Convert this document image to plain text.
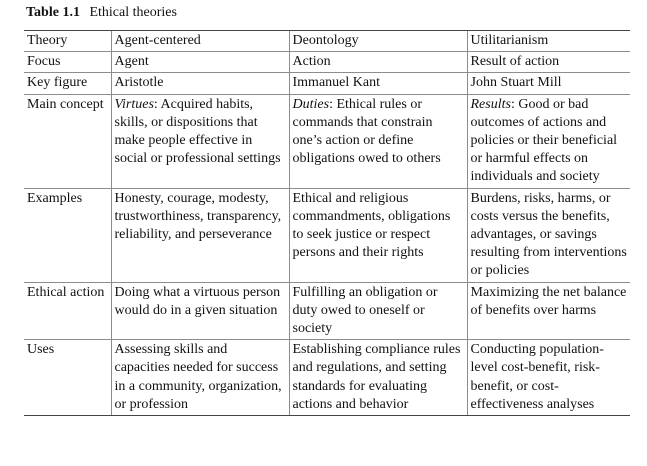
Table 1.1 Ethical theories
Theory	Agent-centered	Deontology	Utilitarianism
Focus	Agent	Action	Result of action
Key figure	Aristotle	Immanuel Kant	John Stuart Mill
Main concept	Virtues: Acquired habits, skills, or dispositions that make people effective in social or professional settings	Duties: Ethical rules or commands that constrain one’s action or define obligations owed to others	Results: Good or bad outcomes of actions and policies or their beneficial or harmful effects on individuals and society
Examples	Honesty, courage, modesty, trustworthiness, transparency, reliability, and perseverance	Ethical and religious commandments, obligations to seek justice or respect persons and their rights	Burdens, risks, harms, or costs versus the benefits, advantages, or savings resulting from interventions or policies
Ethical action	Doing what a virtuous person would do in a given situation	Fulfilling an obligation or duty owed to oneself or society	Maximizing the net balance of benefits over harms
Uses	Assessing skills and capacities needed for success in a community, organization, or profession	Establishing compliance rules and regulations, and setting standards for evaluating actions and behavior	Conducting population-level cost-benefit, risk-benefit, or cost-effectiveness analyses
